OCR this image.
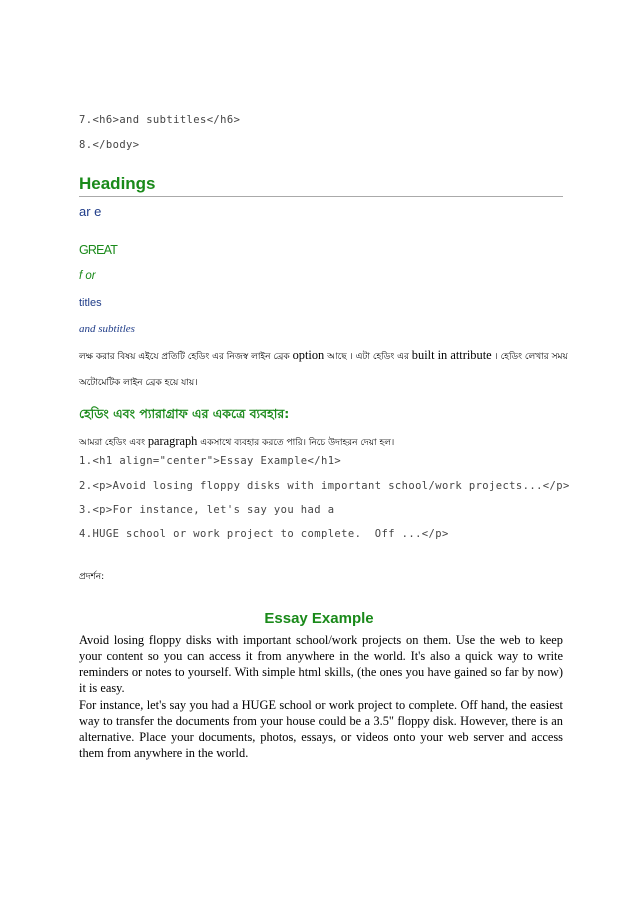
7.<h6>and subtitles</h6>
8.</body>
Headings
ar e
GREAT
f or
titles
and subtitles
লক্ষ করার বিষয় এইযে প্রতিটি হেডিং এর নিজস্ব লাইন ব্রেক option আছে । এটা হেডিং এর built in attribute । হেডিং লেখার সময়
অটোমেটিক লাইন ব্রেক হয়ে যায়।
হেডিং এবং প্যারাগ্রাফ এর একত্রে ব্যবহার:
আমরা হেডিং এবং paragraph একসাথে ব্যবহার করতে পারি। নিচে উদাহরন দেয়া হল।
1.<h1 align="center">Essay Example</h1>
2.<p>Avoid losing floppy disks with important school/work projects...</p>
3.<p>For instance, let's say you had a
4.HUGE school or work project to complete.  Off ...</p>
প্রদর্শন:
Essay Example

Avoid losing floppy disks with important school/work projects on them. Use the web to keep your content so you can access it from anywhere in the world. It's also a quick way to write reminders or notes to yourself. With simple html skills, (the ones you have gained so far by now) it is easy.

For instance, let's say you had a HUGE school or work project to complete. Off hand, the easiest way to transfer the documents from your house could be a 3.5" floppy disk. However, there is an alternative. Place your documents, photos, essays, or videos onto your web server and access them from anywhere in the world.
